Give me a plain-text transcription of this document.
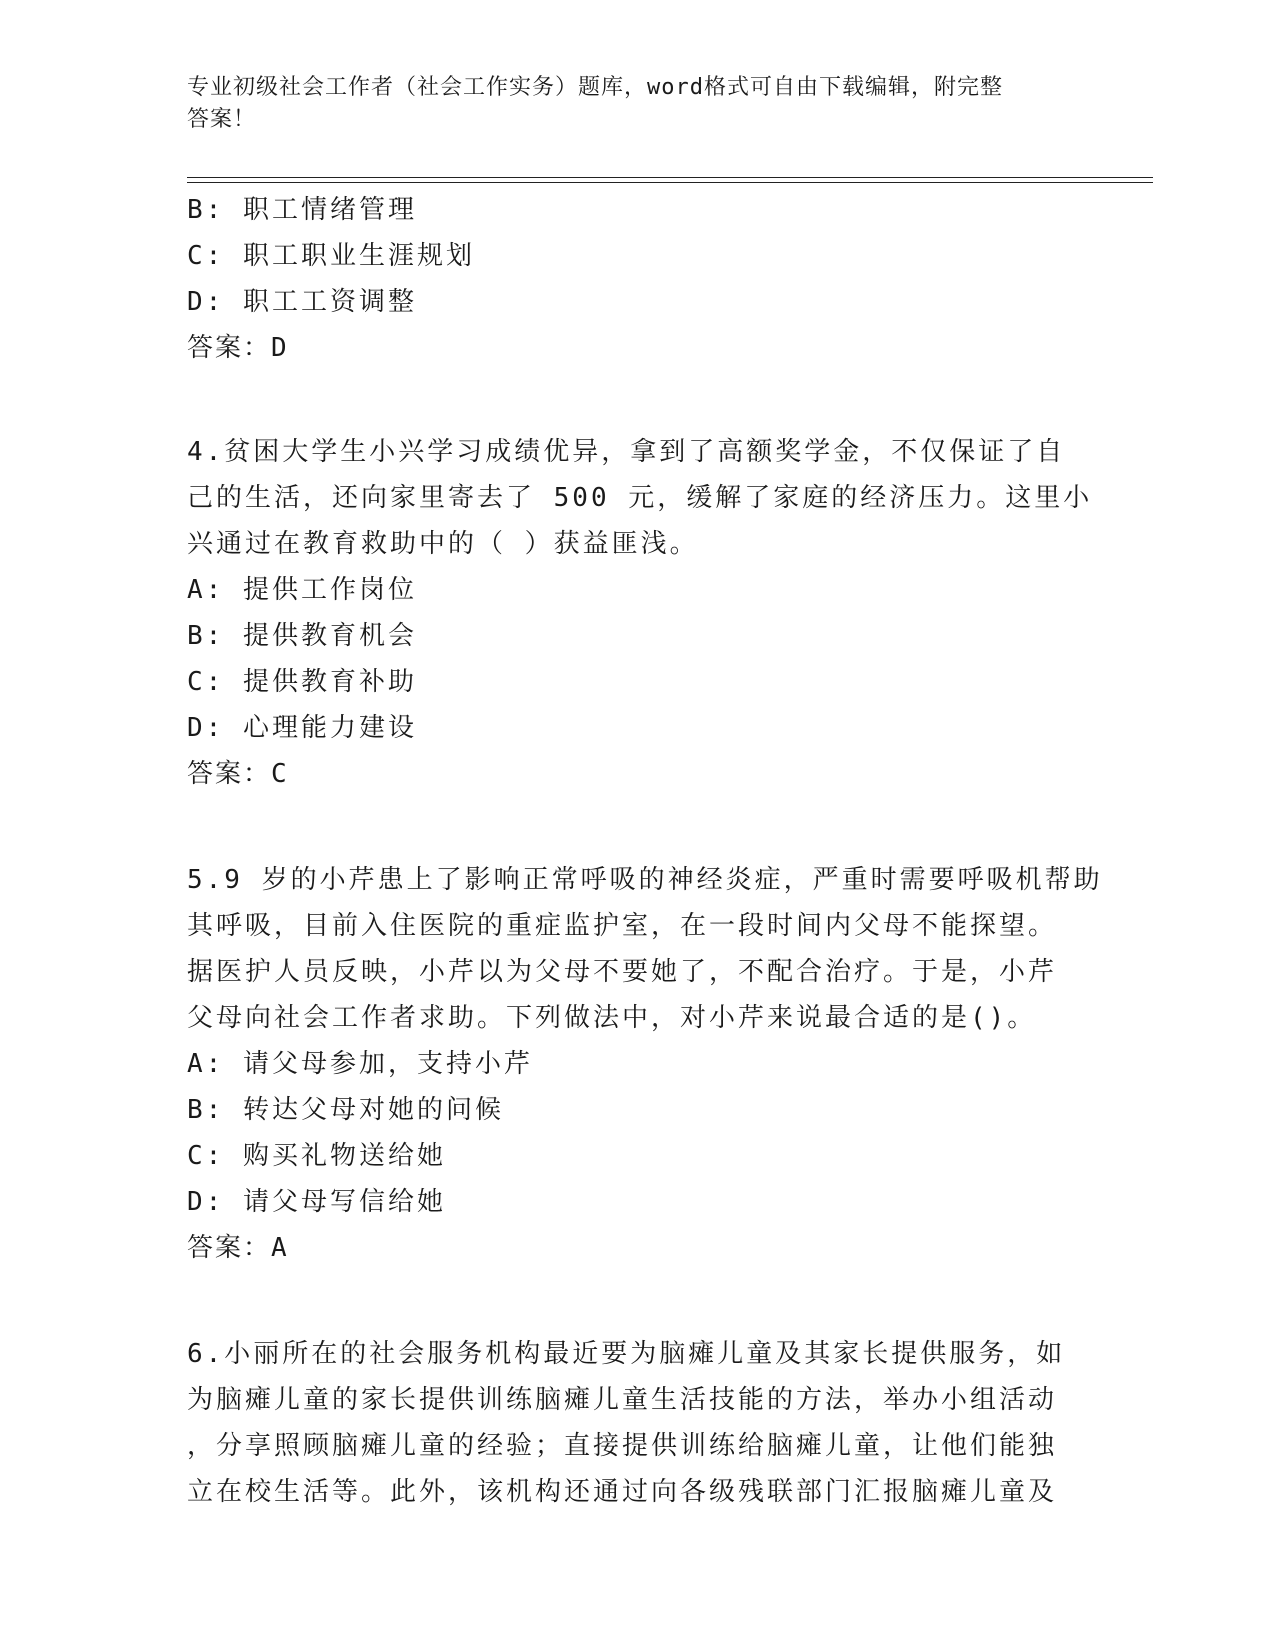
专业初级社会工作者（社会工作实务）题库，word格式可自由下载编辑，附完整
答案！
B: 职工情绪管理
C: 职工职业生涯规划
D: 职工工资调整
答案：D
4.贫困大学生小兴学习成绩优异，拿到了高额奖学金，不仅保证了自
己的生活，还向家里寄去了 500 元，缓解了家庭的经济压力。这里小
兴通过在教育救助中的（ ）获益匪浅。
A: 提供工作岗位
B: 提供教育机会
C: 提供教育补助
D: 心理能力建设
答案：C
5.9 岁的小芹患上了影响正常呼吸的神经炎症，严重时需要呼吸机帮助
其呼吸，目前入住医院的重症监护室，在一段时间内父母不能探望。
据医护人员反映，小芹以为父母不要她了，不配合治疗。于是，小芹
父母向社会工作者求助。下列做法中，对小芹来说最合适的是()。
A: 请父母参加，支持小芹
B: 转达父母对她的问候
C: 购买礼物送给她
D: 请父母写信给她
答案：A
6.小丽所在的社会服务机构最近要为脑瘫儿童及其家长提供服务，如
为脑瘫儿童的家长提供训练脑瘫儿童生活技能的方法，举办小组活动
，分享照顾脑瘫儿童的经验；直接提供训练给脑瘫儿童，让他们能独
立在校生活等。此外，该机构还通过向各级残联部门汇报脑瘫儿童及
